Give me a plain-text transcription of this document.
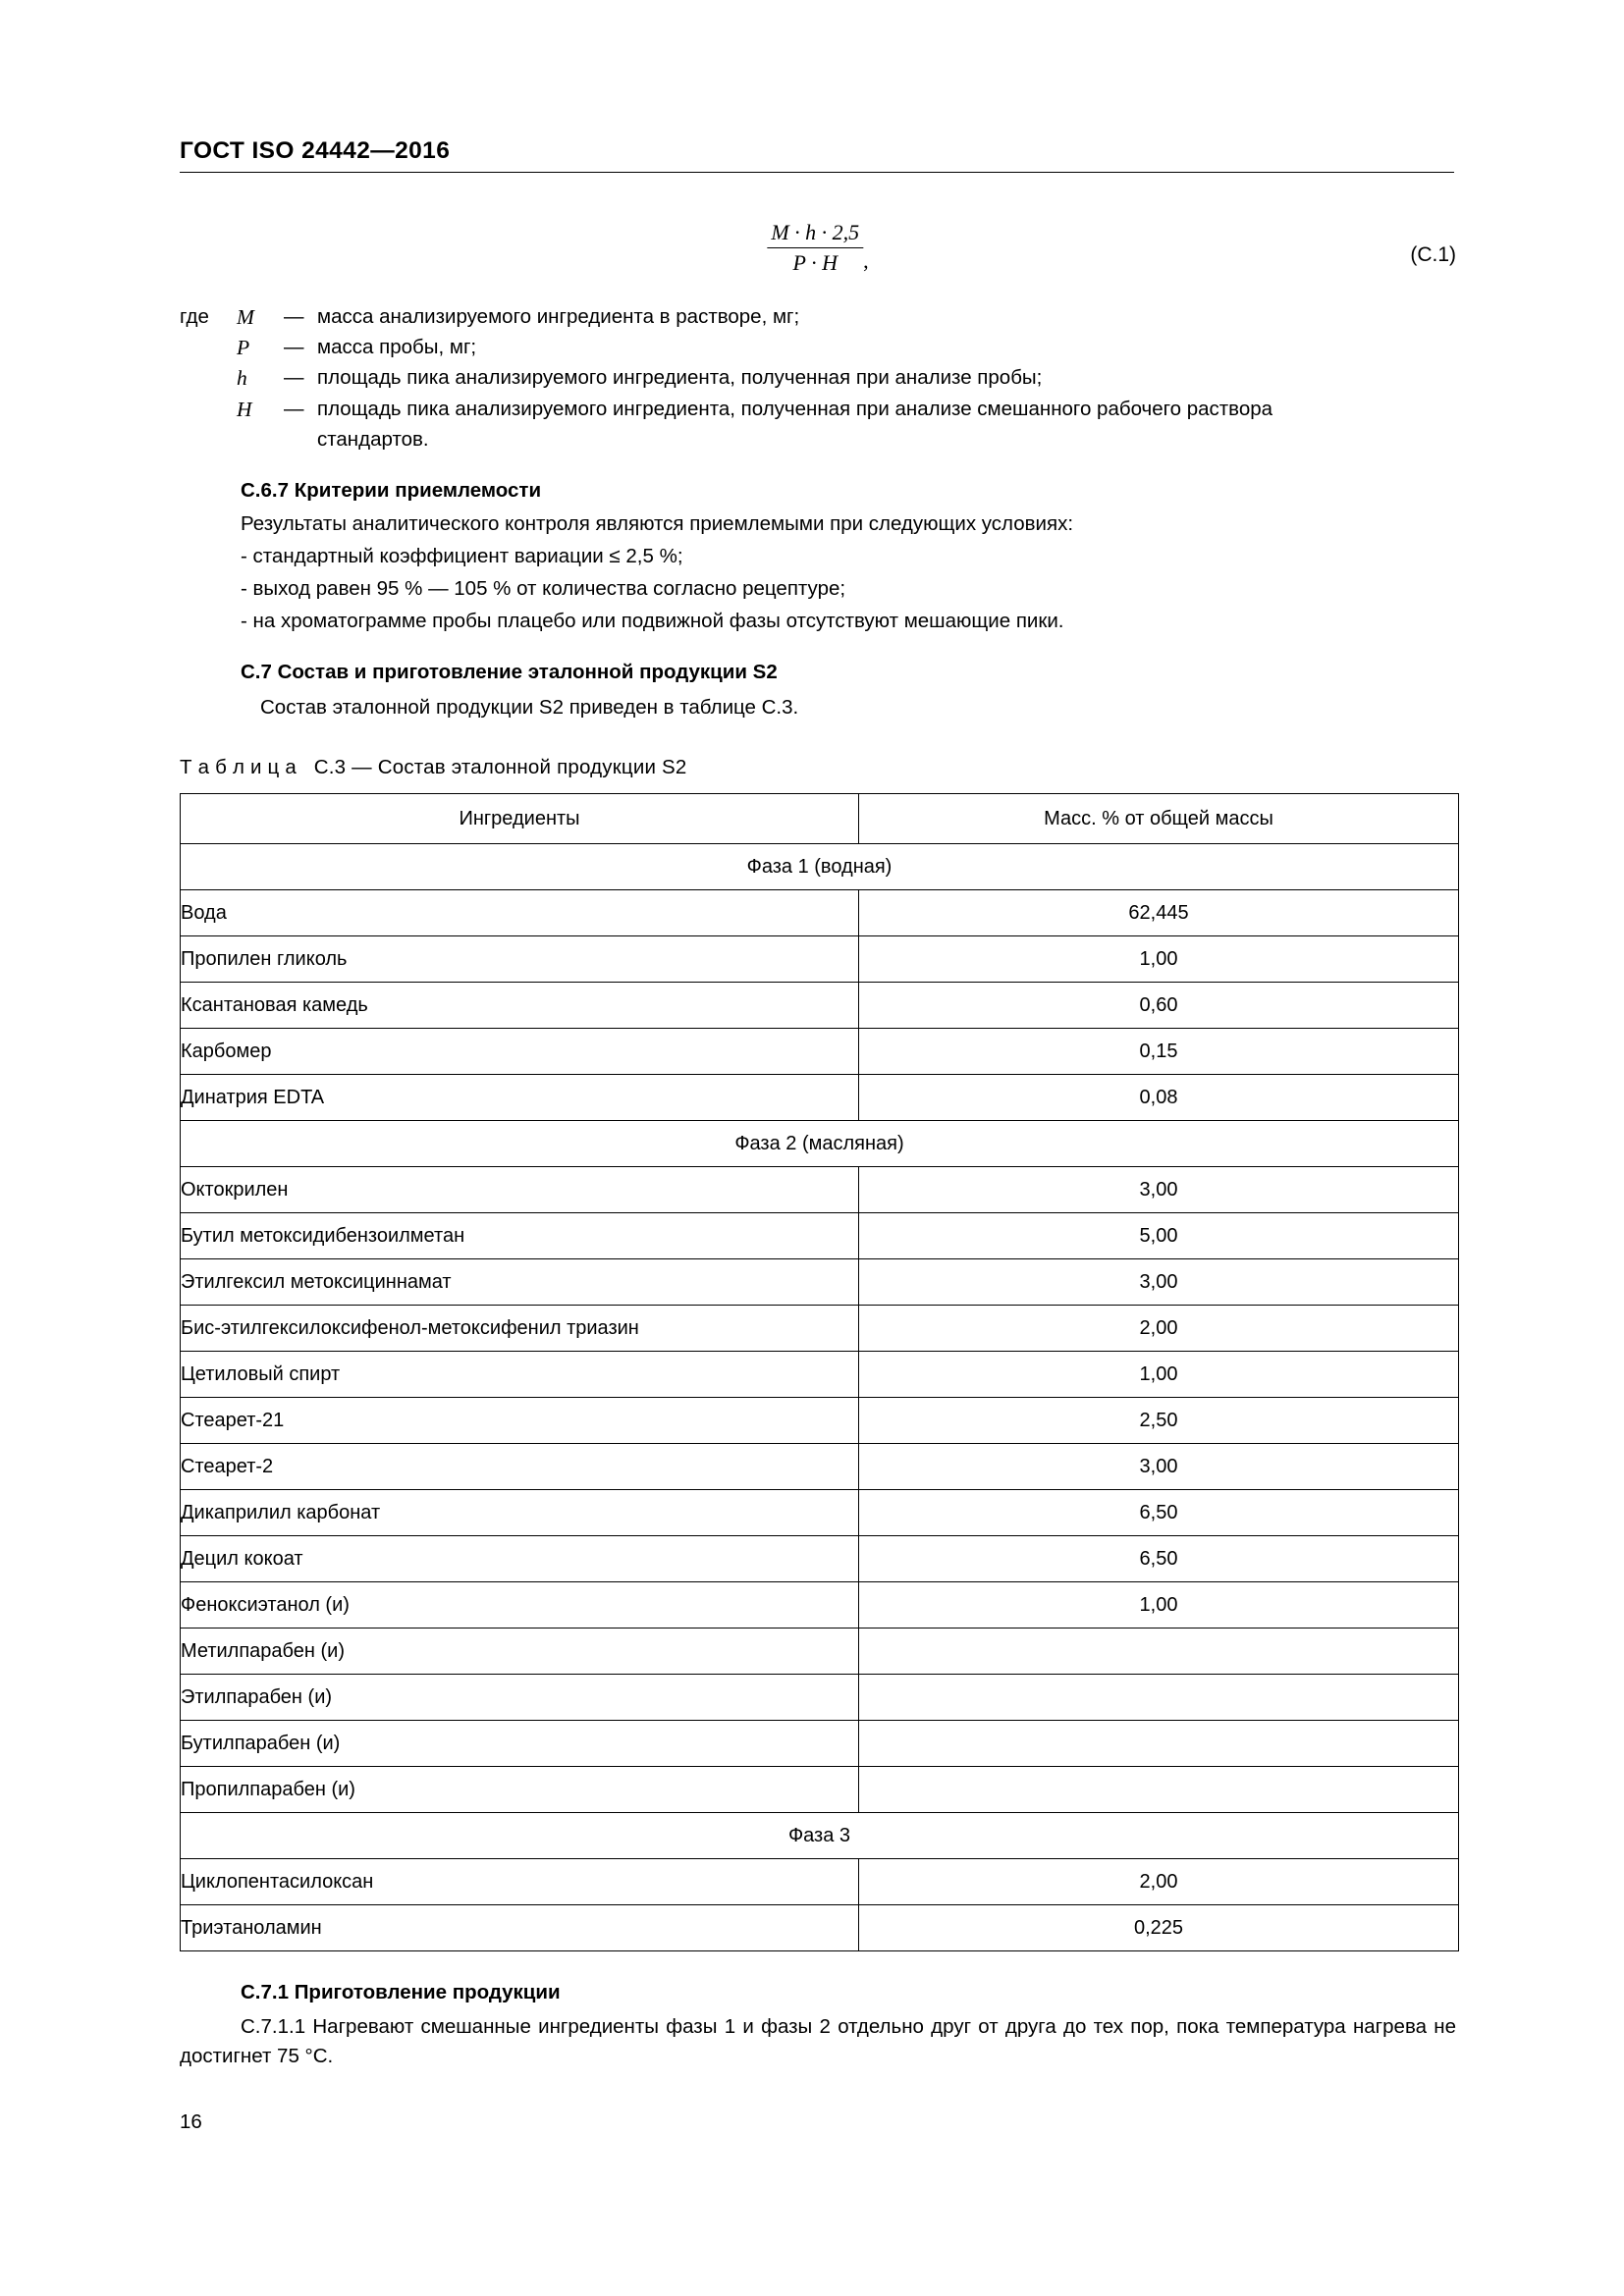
ГОСТ ISO 24442—2016
$\frac{M \cdot h \cdot 2,5}{P \cdot H}$ ,	(С.1)
где	M	— масса анализируемого ингредиента в растворе, мг;
P	— масса пробы, мг;
h	— площадь пика анализируемого ингредиента, полученная при анализе пробы;
H	— площадь пика анализируемого ингредиента, полученная при анализе смешанного рабочего раствора
стандартов.
С.6.7 Критерии приемлемости
Результаты аналитического контроля являются приемлемыми при следующих условиях:
- стандартный коэффициент вариации ≤ 2,5 %;
- выход равен 95 % — 105 % от количества согласно рецептуре;
- на хроматограмме пробы плацебо или подвижной фазы отсутствуют мешающие пики.
С.7 Состав и приготовление эталонной продукции S2
Состав эталонной продукции S2 приведен в таблице С.3.
Т а б л и ц а С.3 — Состав эталонной продукции S2
Ингредиенты	Масс. % от общей массы
Фаза 1 (водная)	
Вода	62,445
Пропилен гликоль	1,00
Ксантановая камедь	0,60
Карбомер	0,15
Динатрия EDTA	0,08
Фаза 2 (масляная)	
Октокрилен	3,00
Бутил метоксидибензоилметан	5,00
Этилгексил метоксициннамат	3,00
Бис-этилгексилоксифенол-метоксифенил триазин	2,00
Цетиловый спирт	1,00
Стеарет-21	2,50
Стеарет-2	3,00
Дикаприлил карбонат	6,50
Децил кокоат	6,50
Феноксиэтанол (и)	1,00
Метилпарабен (и)	
Этилпарабен (и)	
Бутилпарабен (и)	
Пропилпарабен (и)	
Фаза 3	
Циклопентасилоксан	2,00
Триэтаноламин	0,225
С.7.1 Приготовление продукции
С.7.1.1 Нагревают смешанные ингредиенты фазы 1 и фазы 2 отдельно друг от друга до тех пор, пока температура нагрева не достигнет 75 °С.
16
